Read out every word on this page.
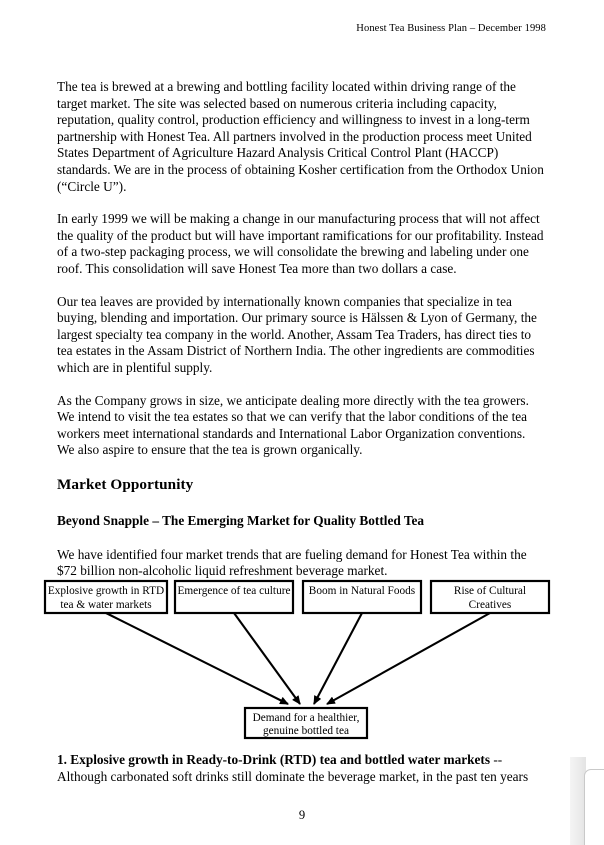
Honest Tea Business Plan – December 1998

The tea is brewed at a brewing and bottling facility located within driving range of the target market. The site was selected based on numerous criteria including capacity, reputation, quality control, production efficiency and willingness to invest in a long-term partnership with Honest Tea. All partners involved in the production process meet United States Department of Agriculture Hazard Analysis Critical Control Plant (HACCP) standards. We are in the process of obtaining Kosher certification from the Orthodox Union (“Circle U”).

In early 1999 we will be making a change in our manufacturing process that will not affect the quality of the product but will have important ramifications for our profitability. Instead of a two-step packaging process, we will consolidate the brewing and labeling under one roof. This consolidation will save Honest Tea more than two dollars a case.

Our tea leaves are provided by internationally known companies that specialize in tea buying, blending and importation. Our primary source is Hälssen & Lyon of Germany, the largest specialty tea company in the world. Another, Assam Tea Traders, has direct ties to tea estates in the Assam District of Northern India. The other ingredients are commodities which are in plentiful supply.

As the Company grows in size, we anticipate dealing more directly with the tea growers. We intend to visit the tea estates so that we can verify that the labor conditions of the tea workers meet international standards and International Labor Organization conventions. We also aspire to ensure that the tea is grown organically.

Market Opportunity
Beyond Snapple – The Emerging Market for Quality Bottled Tea

We have identified four market trends that are fueling demand for Honest Tea within the $72 billion non-alcoholic liquid refreshment beverage market.

Explosive growth in RTD
tea & water markets
Emergence of tea culture Boom in Natural Foods	Rise of Cultural
Creatives
Demand for a healthier,
genuine bottled tea
1. Explosive growth in Ready-to-Drink (RTD) tea and bottled water markets --
Although carbonated soft drinks still dominate the beverage market, in the past ten years
9
